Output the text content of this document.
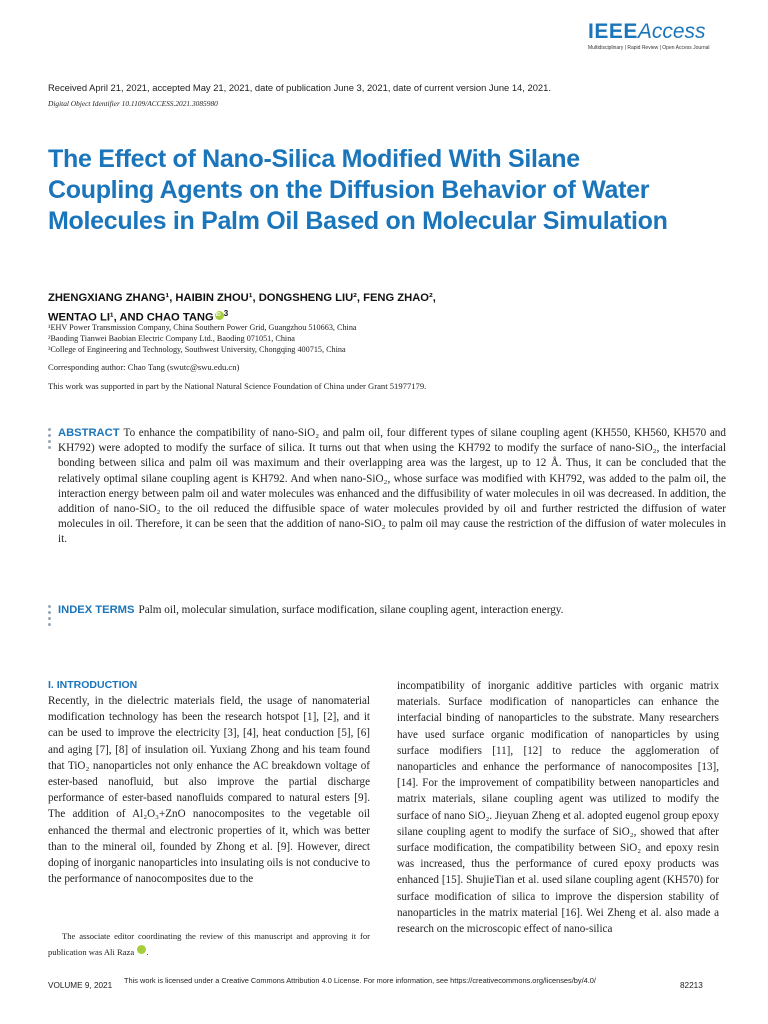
IEEEAccess
Multidisciplinary | Rapid Review | Open Access Journal
Received April 21, 2021, accepted May 21, 2021, date of publication June 3, 2021, date of current version June 14, 2021.
Digital Object Identifier 10.1109/ACCESS.2021.3085980
The Effect of Nano-Silica Modified With Silane Coupling Agents on the Diffusion Behavior of Water Molecules in Palm Oil Based on Molecular Simulation
ZHENGXIANG ZHANG¹, HAIBIN ZHOU¹, DONGSHENG LIU², FENG ZHAO²,
WENTAO LI¹, AND CHAO TANGiD $^3$
¹EHV Power Transmission Company, China Southern Power Grid, Guangzhou 510663, China
²Baoding Tianwei Baobian Electric Company Ltd., Baoding 071051, China
³College of Engineering and Technology, Southwest University, Chongqing 400715, China
Corresponding author: Chao Tang (swutc@swu.edu.cn)
This work was supported in part by the National Natural Science Foundation of China under Grant 51977179.
ABSTRACT To enhance the compatibility of nano-SiO₂ and palm oil, four different types of silane coupling agent (KH550, KH560, KH570 and KH792) were adopted to modify the surface of silica. It turns out that when using the KH792 to modify the surface of nano-SiO₂, the interfacial bonding between silica and palm oil was maximum and their overlapping area was the largest, up to 12 Å. Thus, it can be concluded that the relatively optimal silane coupling agent is KH792. And when nano-SiO₂, whose surface was modified with KH792, was added to the palm oil, the interaction energy between palm oil and water molecules was enhanced and the diffusibility of water molecules in oil was decreased. In addition, the addition of nano-SiO₂ to the oil reduced the diffusible space of water molecules provided by oil and further restricted the diffusion of water molecules in oil. Therefore, it can be seen that the addition of nano-SiO₂ to palm oil may cause the restriction of the diffusion of water molecules in it.
INDEX TERMS Palm oil, molecular simulation, surface modification, silane coupling agent, interaction energy.
I. INTRODUCTION

Recently, in the dielectric materials field, the usage of nanomaterial modification technology has been the research hotspot [1], [2], and it can be used to improve the electricity [3], [4], heat conduction [5], [6] and aging [7], [8] of insulation oil. Yuxiang Zhong and his team found that TiO₂ nanoparticles not only enhance the AC breakdown voltage of ester-based nanofluid, but also improve the partial discharge performance of ester-based nanofluids compared to natural esters [9]. The addition of Al₂O₃+ZnO nanocomposites to the vegetable oil enhanced the thermal and electronic properties of it, which was better than to the mineral oil, founded by Zhong et al. [9]. However, direct doping of inorganic nanoparticles into insulating oils is not conducive to the performance of nanocomposites due to the

incompatibility of inorganic additive particles with organic matrix materials. Surface modification of nanoparticles can enhance the interfacial binding of nanoparticles to the substrate. Many researchers have used surface organic modification of nanoparticles by using surface modifiers [11], [12] to reduce the agglomeration of nanoparticles and enhance the performance of nanocomposites [13], [14]. For the improvement of compatibility between nanoparticles and matrix materials, silane coupling agent was utilized to modify the surface of nano SiO₂. Jieyuan Zheng et al. adopted eugenol group epoxy silane coupling agent to modify the surface of SiO₂, showed that after surface modification, the compatibility between SiO₂ and epoxy resin was increased, thus the performance of cured epoxy products was enhanced [15]. ShujieTian et al. used silane coupling agent (KH570) for surface modification of silica to improve the dispersion stability of nanoparticles in the matrix material [16]. Wei Zheng et al. also made a research on the microscopic effect of nano-silica

The associate editor coordinating the review of this manuscript and approving it for publication was Ali Raza iD
VOLUME 9, 2021
This work is licensed under a Creative Commons Attribution 4.0 License. For more information, see https://creativecommons.org/licenses/by/4.0/
82213
